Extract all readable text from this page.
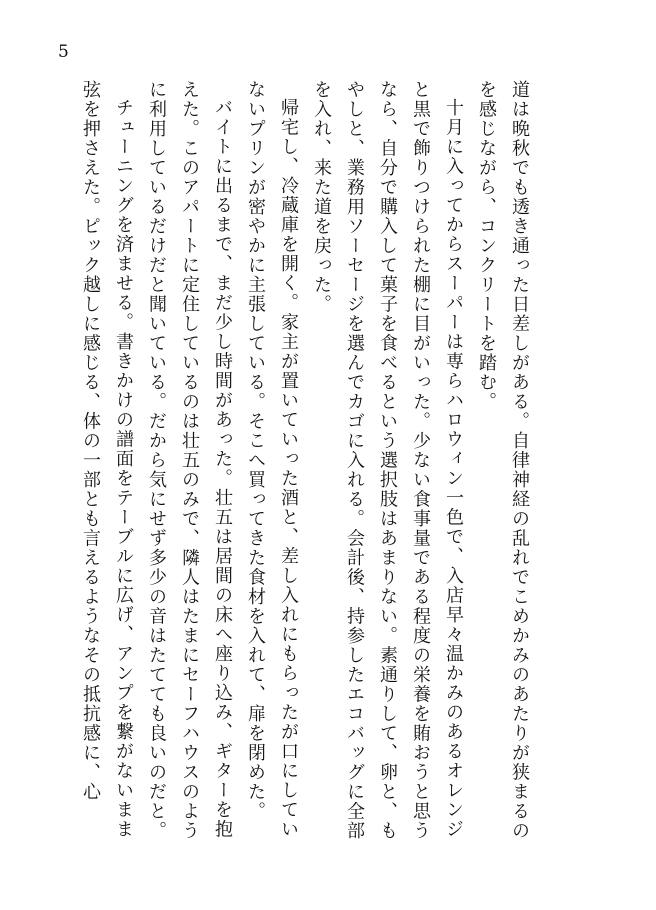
5
道は晩秋でも透き通った日差しがある。自律神経の乱れでこめかみのあたりが狭まるのを感じながら、コンクリートを踏む。
十月に入ってからスーパーは専らハロウィン一色で、入店早々温かみのあるオレンジと黒で飾りつけられた棚に目がいった。少ない食事量である程度の栄養を賄おうと思うなら、自分で購入して菓子を食べるという選択肢はあまりない。素通りして、卵と、もやしと、業務用ソーセージを選んでカゴに入れる。会計後、持参したエコバッグに全部を入れ、来た道を戻った。
帰宅し、冷蔵庫を開く。家主が置いていった酒と、差し入れにもらったが口にしていないプリンが密やかに主張している。そこへ買ってきた食材を入れて、扉を閉めた。
バイトに出るまで、まだ少し時間があった。壮五は居間の床へ座り込み、ギターを抱えた。このアパートに定住しているのは壮五のみで、隣人はたまにセーフハウスのように利用しているだけだと聞いている。だから気にせず多少の音はたてても良いのだと。
チューニングを済ませる。書きかけの譜面をテーブルに広げ、アンプを繋がないまま弦を押さえた。ピック越しに感じる、体の一部とも言えるようなその抵抗感に、心
